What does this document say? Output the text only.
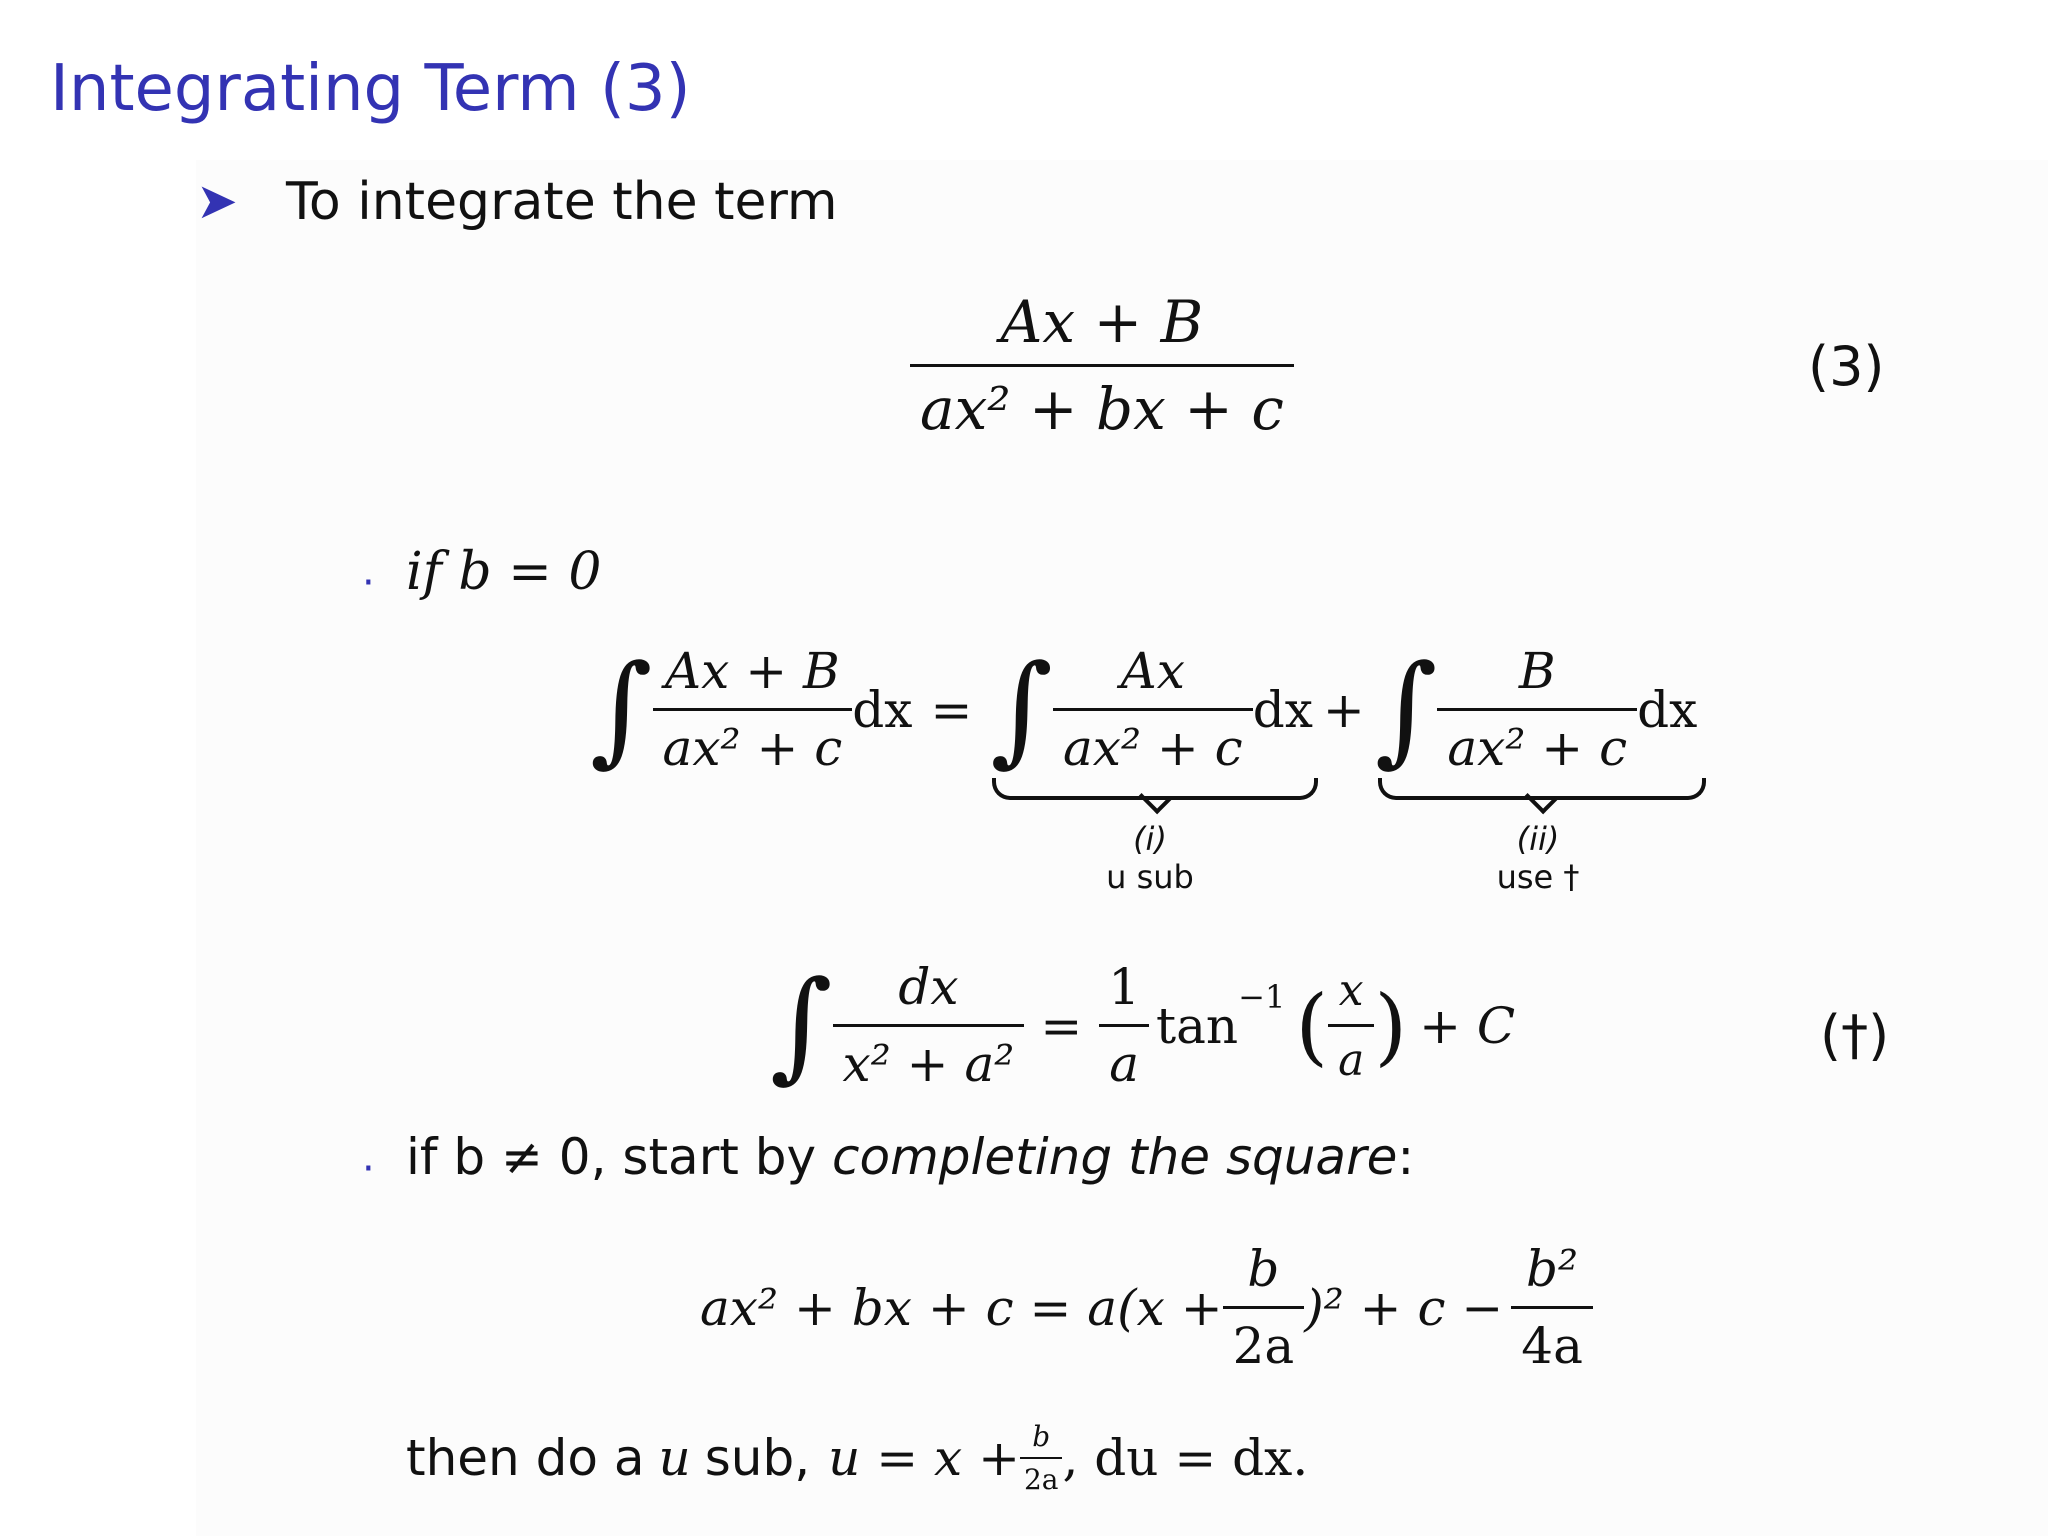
Integrating Term (3)
➤ To integrate the term
$\frac{Ax + B}{\text{ax² + bx + c}}$	(3)
· if b = 0
∫ $\frac{Ax + B}{\text{ax² + c}}$ dx = ∫ $\frac{Ax}{\text{ax² + c}}$ dx + ∫ $\frac{B}{\text{ax² + c}}$ dx
(i)
u sub
(ii)
use †
∫ $\frac{dx}{\text{x² + a²}} = \frac{1}{a} \tan^{-1}$ ( $\frac{x}{a}$ ) + C	(†)
· if b ≠ 0, start by completing the square:
ax² + bx + $c = a(x + \frac{b}{2a} )^2 + c - \frac{\text{b²}}{4a}$
then do a u sub, $u = x + \frac{b}{2a}$ , du = dx.
